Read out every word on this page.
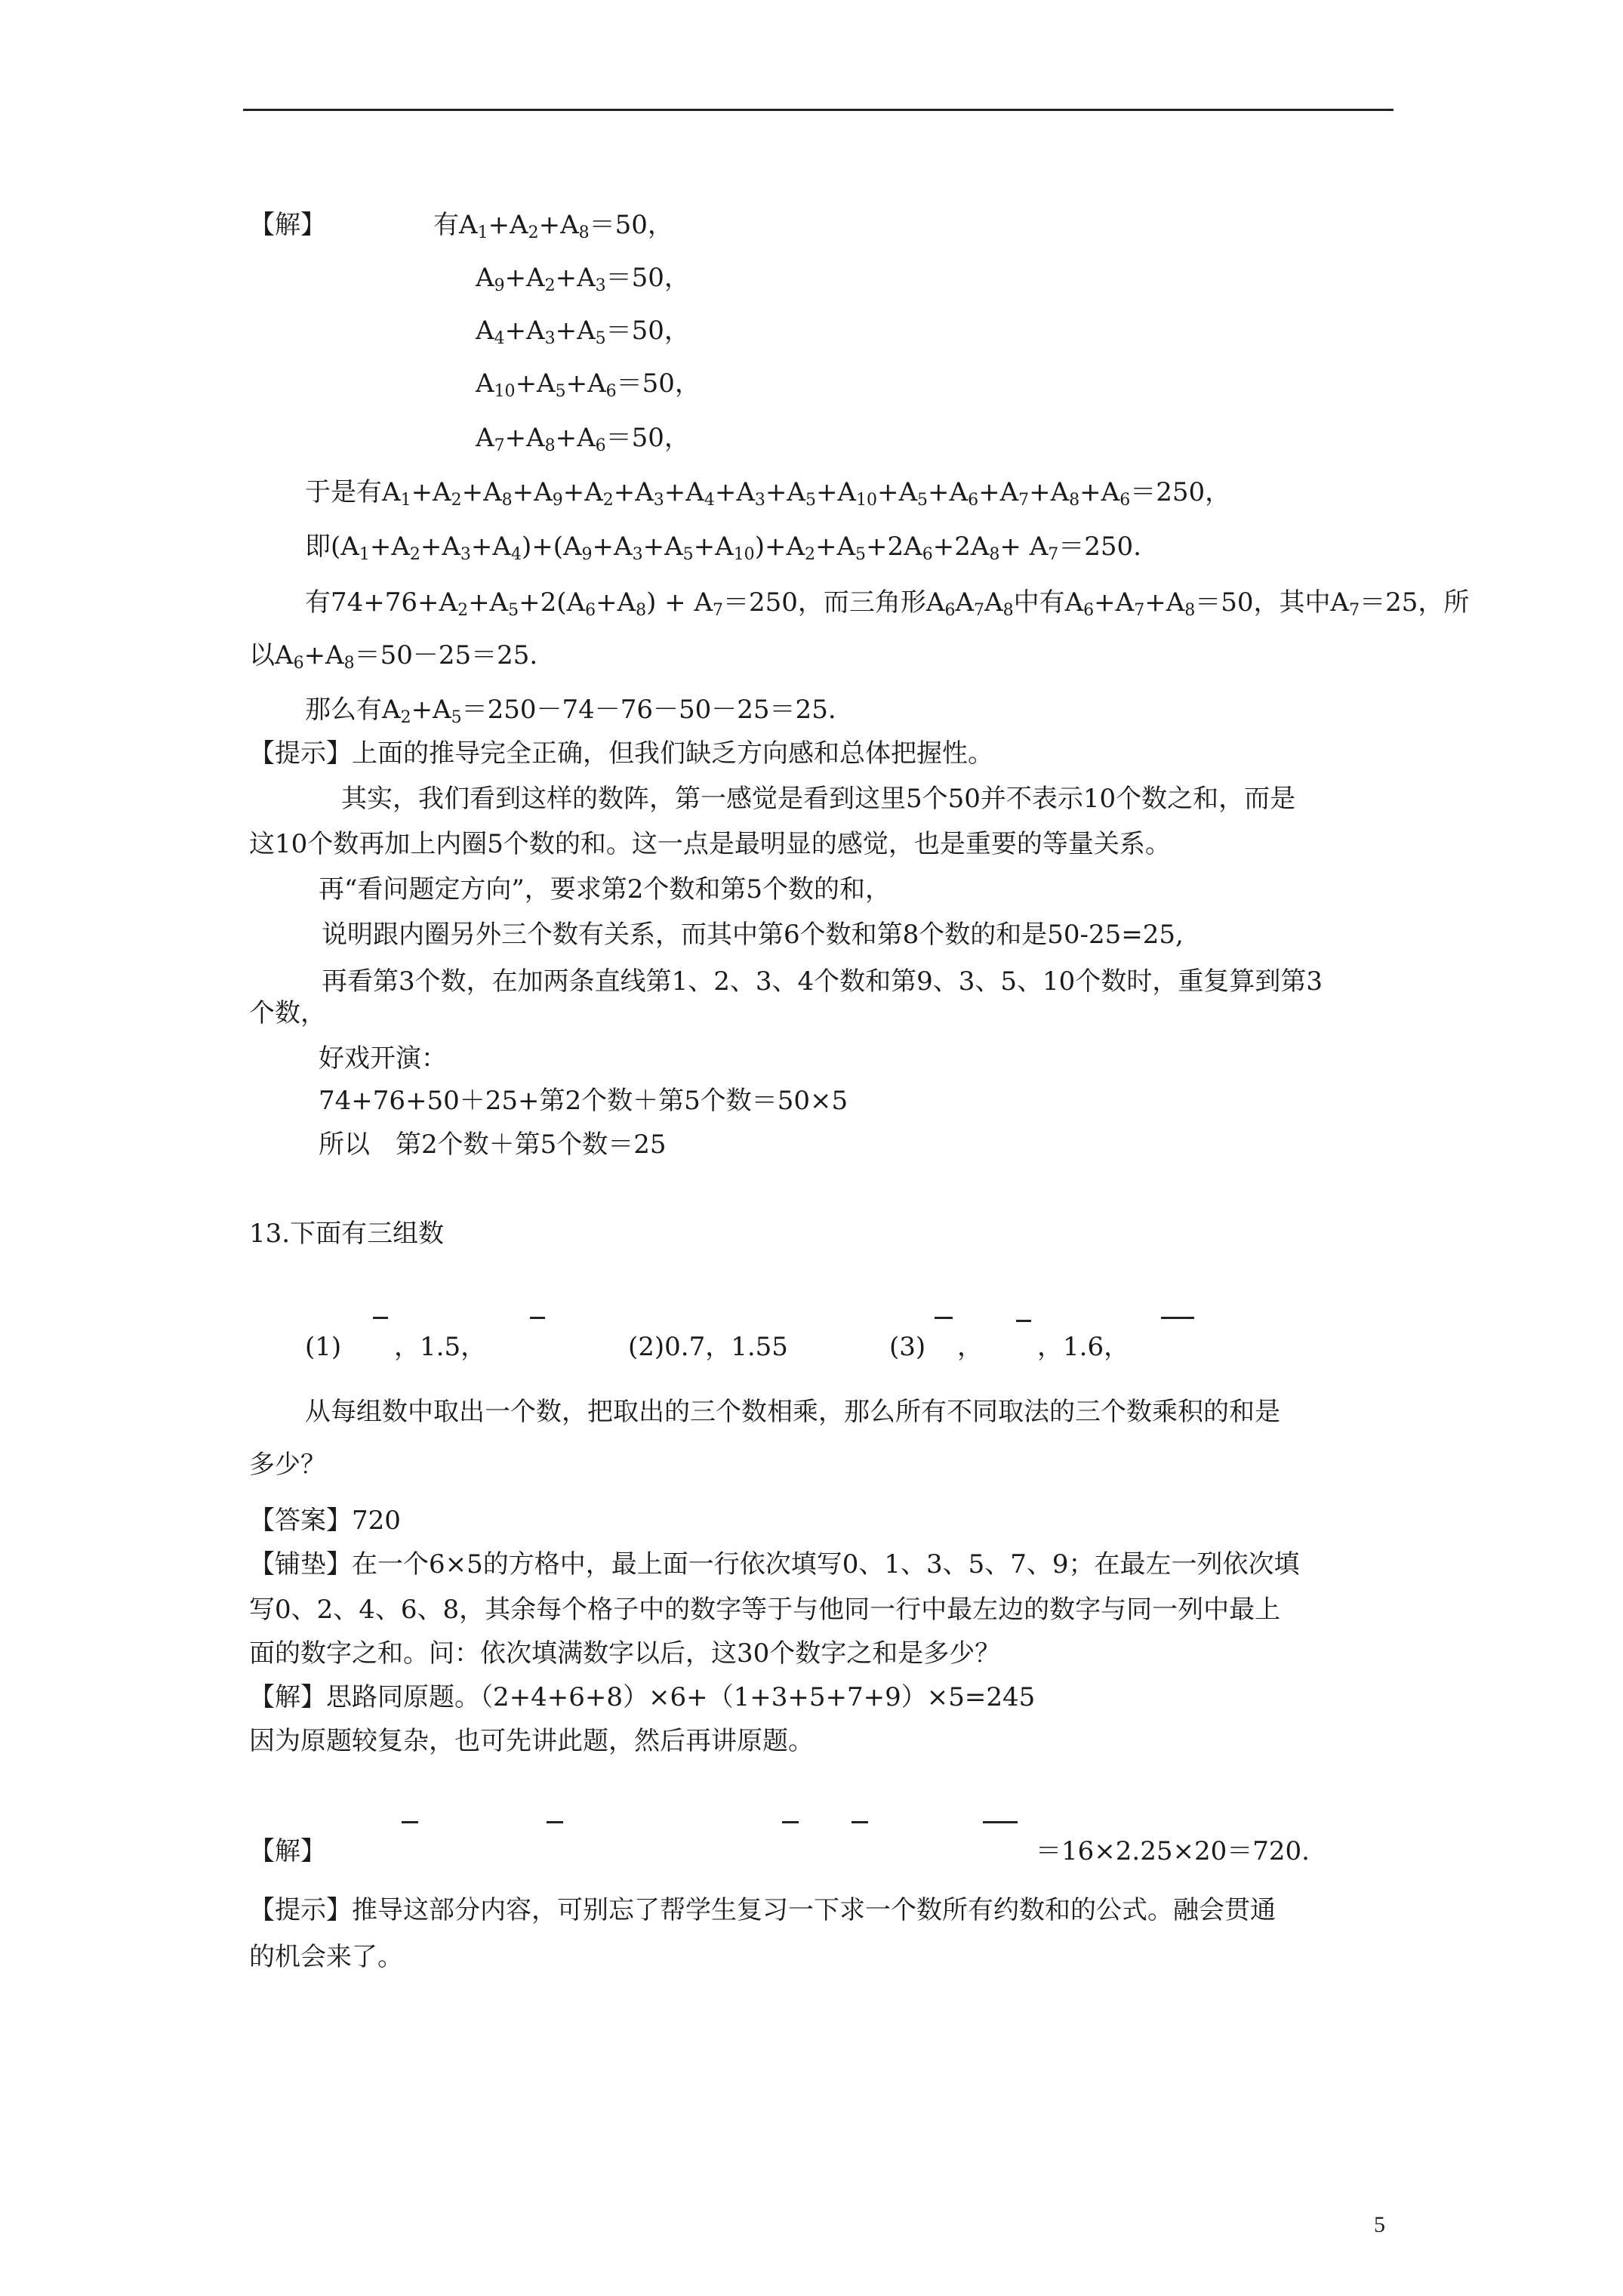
【解】	有$A_1+A_2+A_8=50$，
$A_9+A_2+A_3=50$，
$A_4+A_3+A_5=50$，
$A_{10}+A_5+A_6=50$，
$A_7+A_8+A_6=50$，
于是有$A_1+A_2+A_8+A_9+A_2+A_3+A_4+A_3+A_5+A_{10}+A_5+A_6+A_7+A_8+A_6=250$，
即$(A_1+A_2+A_3+A_4)+(A_9+A_3+A_5+A_{10})+A_2+A_5+2A_6+2A_8+ A_7=250$.
有$74+76+A_2+A_5+2(A_6+A_8) + A_7=250$，而三角形$A_6A_7A_8$中有$A_6+A_7+A_8=50$，其中$A_7=25$，所
以$A_6+A_8=50-25=25$.
那么有$A_2+A_5=250-74-76-50-25=25$.
【提示】上面的推导完全正确，但我们缺乏方向感和总体把握性。
其实，我们看到这样的数阵，第一感觉是看到这里5个50并不表示10个数之和，而是
这10个数再加上内圈5个数的和。这一点是最明显的感觉，也是重要的等量关系。
再“看问题定方向”，要求第2个数和第5个数的和，
说明跟内圈另外三个数有关系，而其中第6个数和第8个数的和是50-25=25,
再看第3个数，在加两条直线第1、2、3、4个数和第9、3、5、10个数时，重复算到第3
个数，
好戏开演：
74+76+50＋25+第2个数＋第5个数＝50×5
所以　第2个数＋第5个数＝25
13.下面有三组数
(1) ，1.5，	(2)0.7，1.55	(3) ， ，1.6，
从每组数中取出一个数，把取出的三个数相乘，那么所有不同取法的三个数乘积的和是
多少？
【答案】720
【铺垫】在一个6×5的方格中，最上面一行依次填写0、1、3、5、7、9；在最左一列依次填
写0、2、4、6、8，其余每个格子中的数字等于与他同一行中最左边的数字与同一列中最上
面的数字之和。问：依次填满数字以后，这30个数字之和是多少？
【解】思路同原题。（2+4+6+8）×6+（1+3+5+7+9）×5=245
因为原题较复杂，也可先讲此题，然后再讲原题。
【解】	＝16×2.25×20＝720.
【提示】推导这部分内容，可别忘了帮学生复习一下求一个数所有约数和的公式。融会贯通
的机会来了。
5
